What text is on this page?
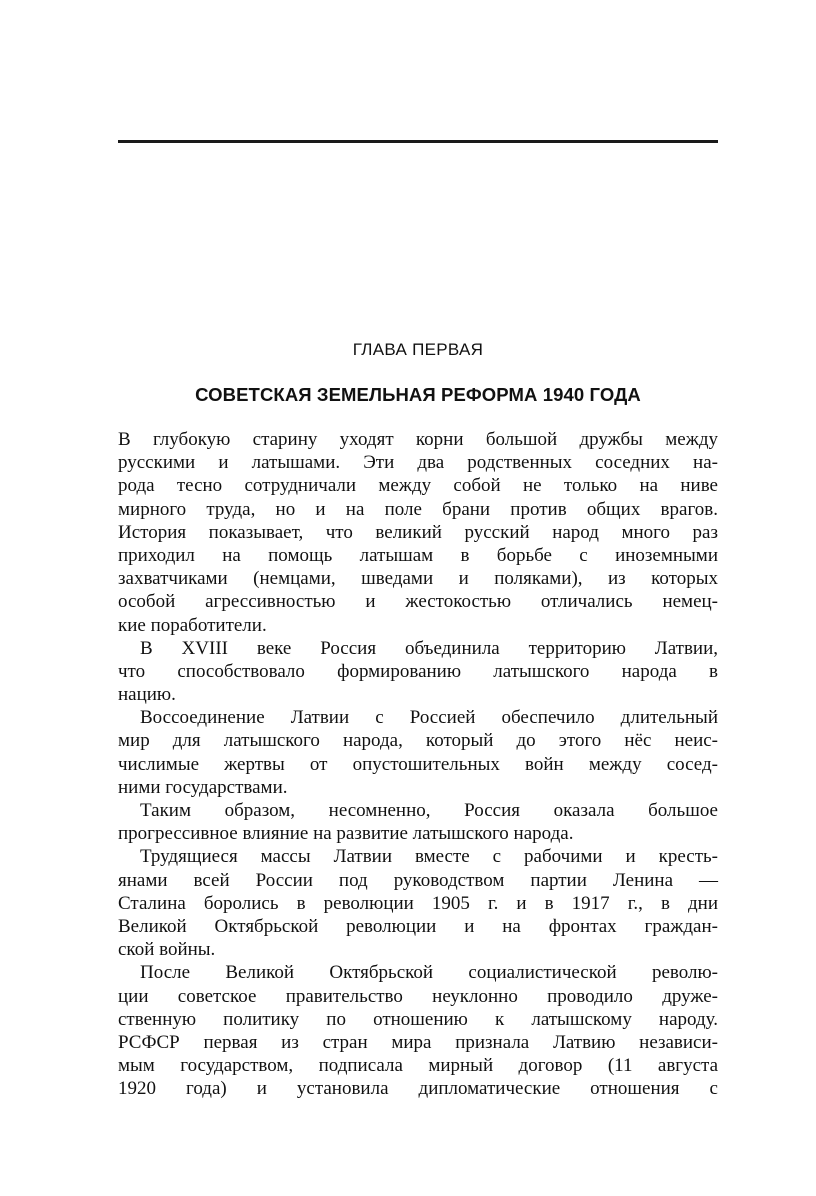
ГЛАВА ПЕРВАЯ
СОВЕТСКАЯ ЗЕМЕЛЬНАЯ РЕФОРМА 1940 ГОДА
В глубокую старину уходят корни большой дружбы между
русскими и латышами. Эти два родственных соседних на-
рода тесно сотрудничали между собой не только на ниве
мирного труда, но и на поле брани против общих врагов.
История показывает, что великий русский народ много раз
приходил на помощь латышам в борьбе с иноземными
захватчиками (немцами, шведами и поляками), из которых
особой агрессивностью и жестокостью отличались немец-
кие поработители.
В XVIII веке Россия объединила территорию Латвии,
что способствовало формированию латышского народа в
нацию.
Воссоединение Латвии с Россией обеспечило длительный
мир для латышского народа, который до этого нёс неис-
числимые жертвы от опустошительных войн между сосед-
ними государствами.
Таким образом, несомненно, Россия оказала большое
прогрессивное влияние на развитие латышского народа.
Трудящиеся массы Латвии вместе с рабочими и кресть-
янами всей России под руководством партии Ленина —
Сталина боролись в революции 1905 г. и в 1917 г., в дни
Великой Октябрьской революции и на фронтах граждан-
ской войны.
После Великой Октябрьской социалистической револю-
ции советское правительство неуклонно проводило друже-
ственную политику по отношению к латышскому народу.
РСФСР первая из стран мира признала Латвию независи-
мым государством, подписала мирный договор (11 августа
1920 года) и установила дипломатические отношения с
